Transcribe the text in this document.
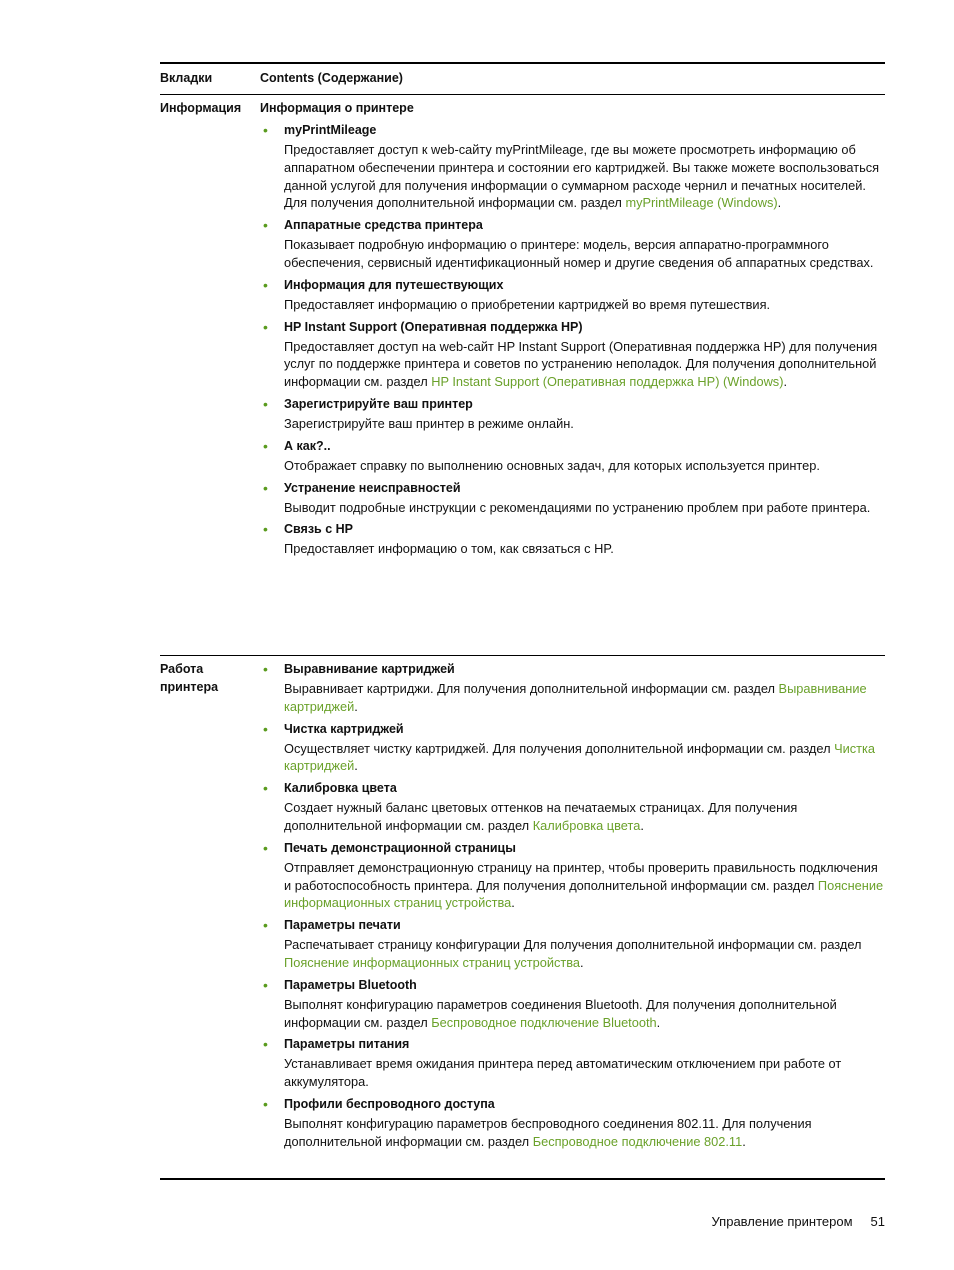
Вкладки	Contents (Содержание)
Информация	Информация о принтере
• myPrintMileage
Предоставляет доступ к web-сайту myPrintMileage, где вы можете просмотреть информацию об аппаратном обеспечении принтера и состоянии его картриджей. Вы также можете воспользоваться данной услугой для получения информации о суммарном расходе чернил и печатных носителей. Для получения дополнительной информации см. раздел myPrintMileage (Windows).
• Аппаратные средства принтера
Показывает подробную информацию о принтере: модель, версия аппаратно-программного обеспечения, сервисный идентификационный номер и другие сведения об аппаратных средствах.
• Информация для путешествующих
Предоставляет информацию о приобретении картриджей во время путешествия.
• HP Instant Support (Оперативная поддержка HP)
Предоставляет доступ на web-сайт HP Instant Support (Оперативная поддержка HP) для получения услуг по поддержке принтера и советов по устранению неполадок. Для получения дополнительной информации см. раздел HP Instant Support (Оперативная поддержка HP) (Windows).
• Зарегистрируйте ваш принтер
Зарегистрируйте ваш принтер в режиме онлайн.
• А как?..
Отображает справку по выполнению основных задач, для которых используется принтер.
• Устранение неисправностей
Выводит подробные инструкции с рекомендациями по устранению проблем при работе принтера.
• Связь с HP
Предоставляет информацию о том, как связаться с HP.
Работа принтера
• Выравнивание картриджей
Выравнивает картриджи. Для получения дополнительной информации см. раздел Выравнивание картриджей.
• Чистка картриджей
Осуществляет чистку картриджей. Для получения дополнительной информации см. раздел Чистка картриджей.
• Калибровка цвета
Создает нужный баланс цветовых оттенков на печатаемых страницах. Для получения дополнительной информации см. раздел Калибровка цвета.
• Печать демонстрационной страницы
Отправляет демонстрационную страницу на принтер, чтобы проверить правильность подключения и работоспособность принтера. Для получения дополнительной информации см. раздел Пояснение информационных страниц устройства.
• Параметры печати
Распечатывает страницу конфигурации Для получения дополнительной информации см. раздел Пояснение информационных страниц устройства.
• Параметры Bluetooth
Выполнят конфигурацию параметров соединения Bluetooth. Для получения дополнительной информации см. раздел Беспроводное подключение Bluetooth.
• Параметры питания
Устанавливает время ожидания принтера перед автоматическим отключением при работе от аккумулятора.
• Профили беспроводного доступа
Выполнят конфигурацию параметров беспроводного соединения 802.11. Для получения дополнительной информации см. раздел Беспроводное подключение 802.11.
Управление принтером 51
